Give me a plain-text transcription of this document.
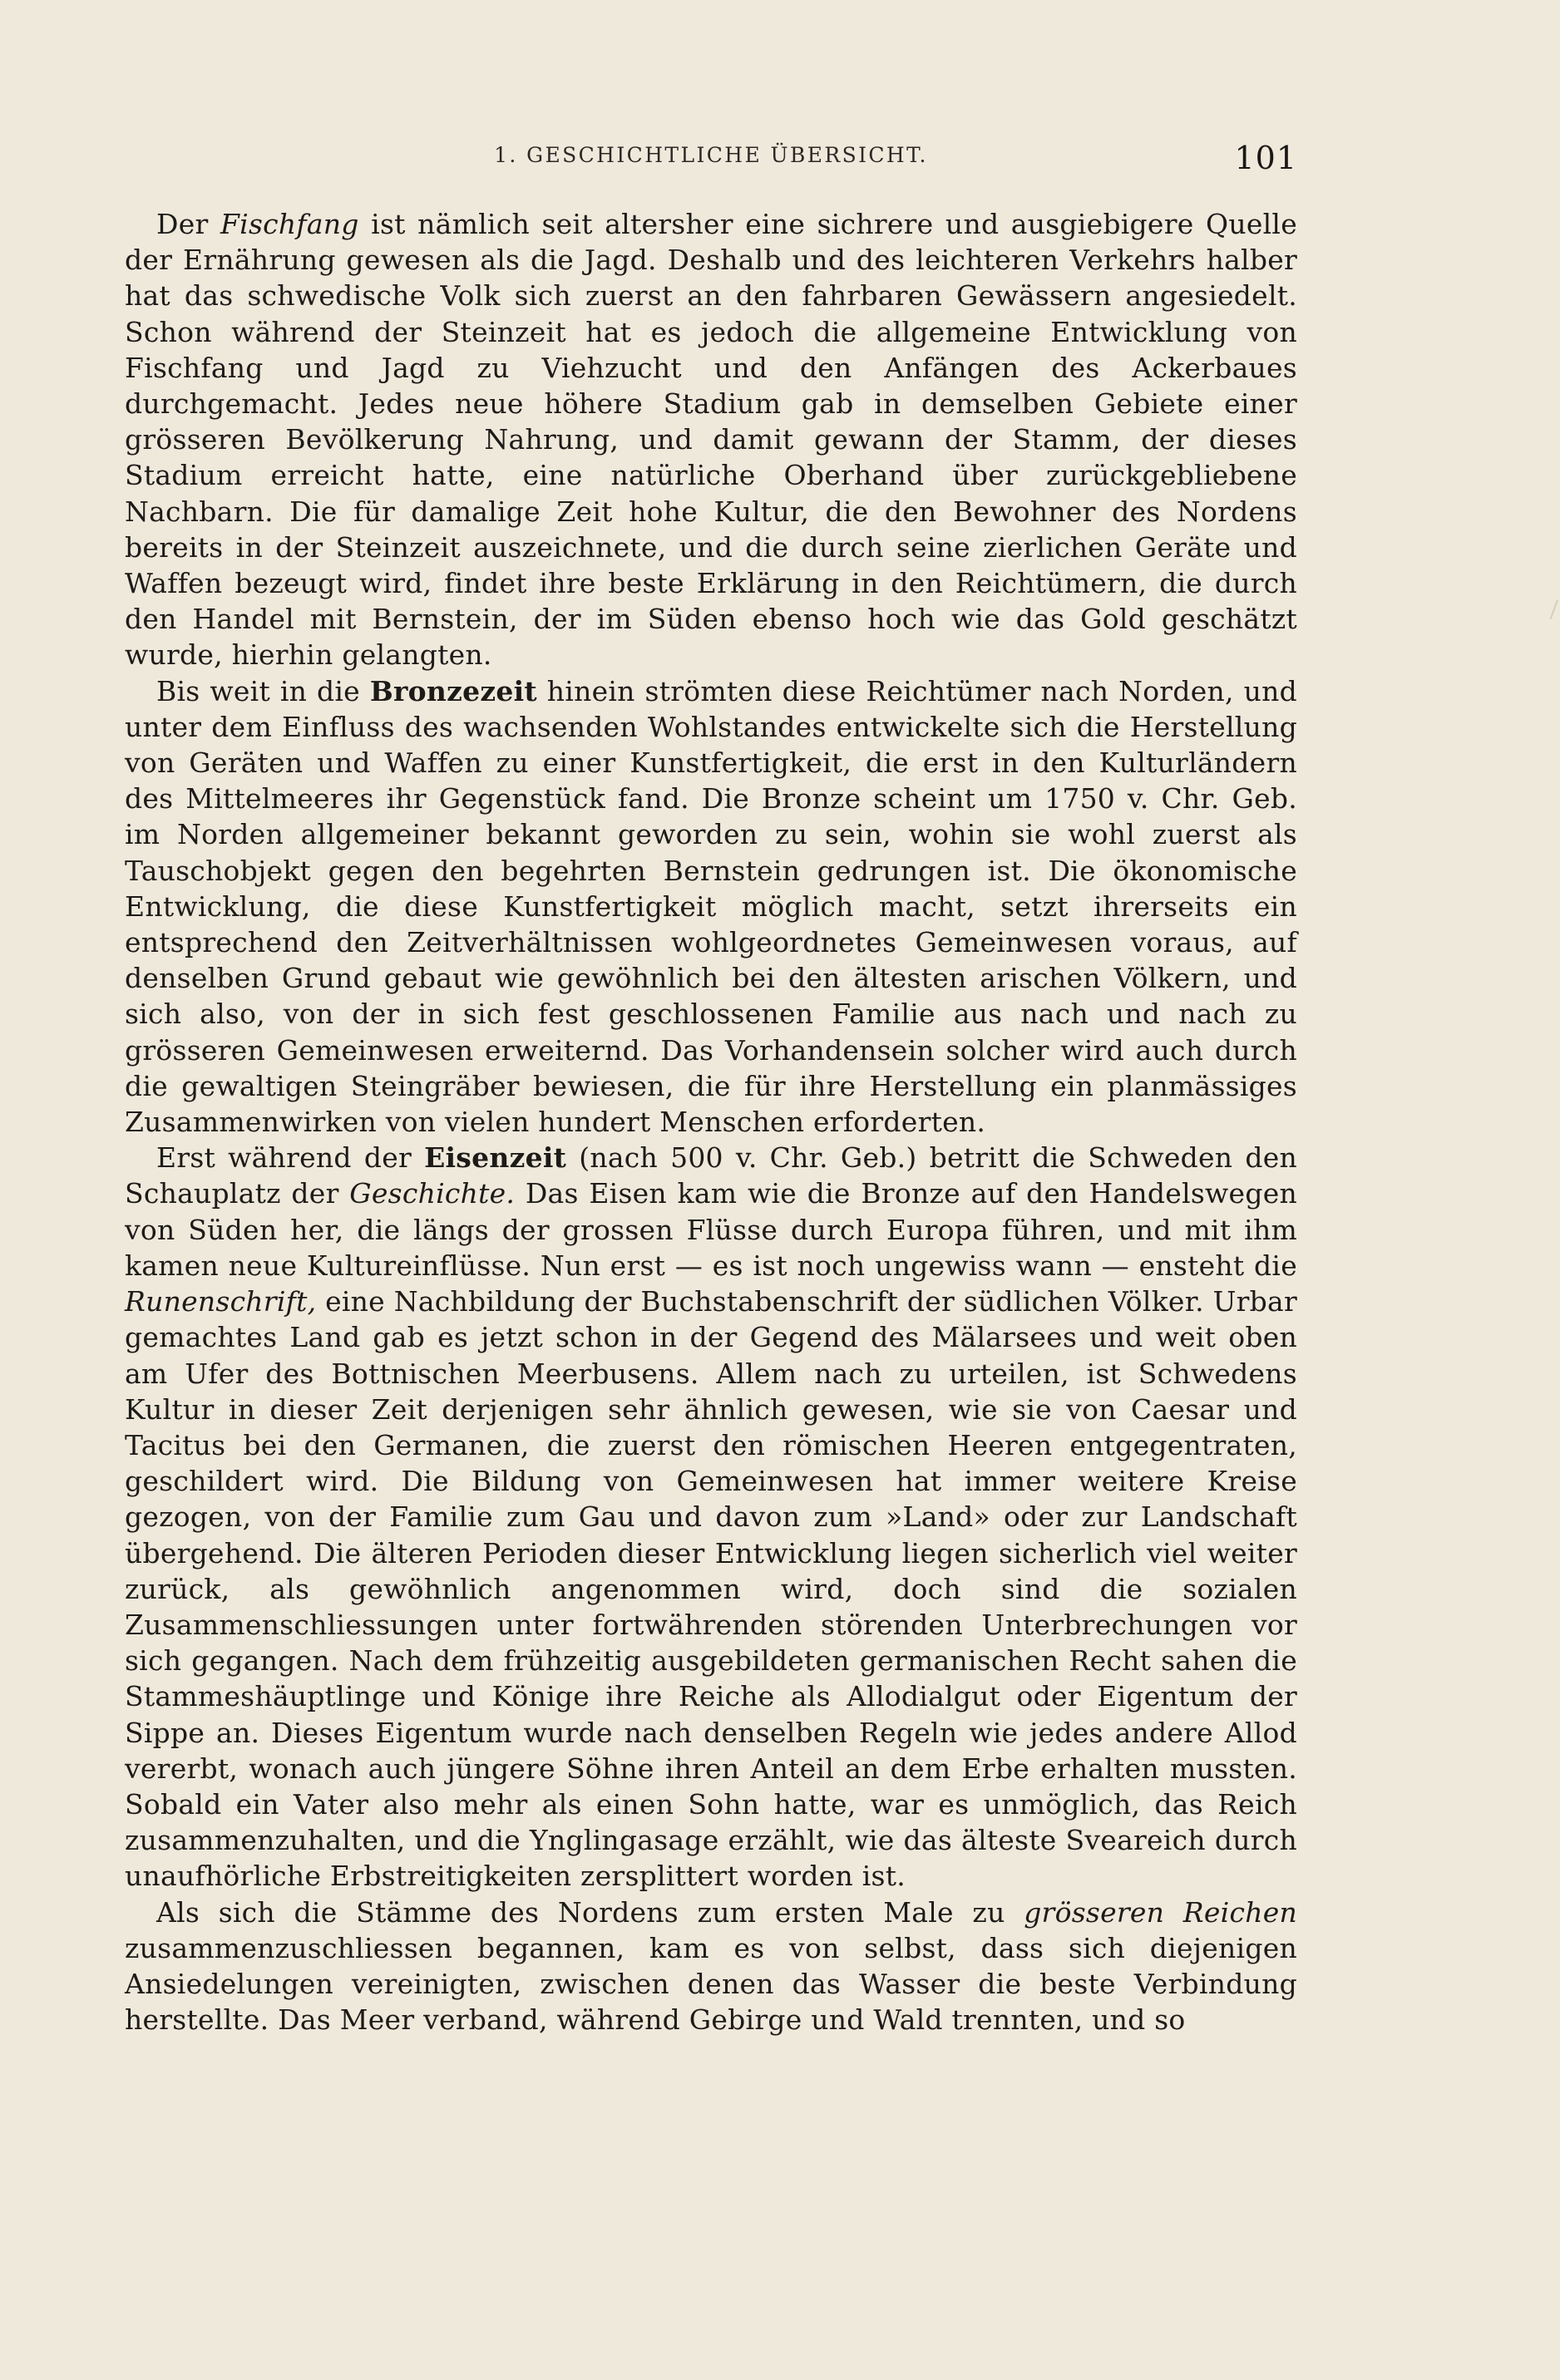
1. GESCHICHTLICHE ÜBERSICHT.	101

Der Fischfang ist nämlich seit altersher eine sichrere und ausgiebigere Quelle der Ernährung gewesen als die Jagd. Deshalb und des leichteren Verkehrs halber hat das schwedische Volk sich zuerst an den fahrbaren Gewässern angesiedelt. Schon während der Steinzeit hat es jedoch die allgemeine Entwicklung von Fischfang und Jagd zu Viehzucht und den Anfängen des Ackerbaues durchgemacht. Jedes neue höhere Stadium gab in demselben Gebiete einer grösseren Bevölkerung Nahrung, und damit gewann der Stamm, der dieses Stadium erreicht hatte, eine natürliche Oberhand über zurückgebliebene Nachbarn. Die für damalige Zeit hohe Kultur, die den Bewohner des Nordens bereits in der Steinzeit auszeichnete, und die durch seine zierlichen Geräte und Waffen bezeugt wird, findet ihre beste Erklärung in den Reichtümern, die durch den Handel mit Bernstein, der im Süden ebenso hoch wie das Gold geschätzt wurde, hierhin gelangten.

Bis weit in die Bronzezeit hinein strömten diese Reichtümer nach Norden, und unter dem Einfluss des wachsenden Wohlstandes entwickelte sich die Herstellung von Geräten und Waffen zu einer Kunstfertigkeit, die erst in den Kulturländern des Mittelmeeres ihr Gegenstück fand. Die Bronze scheint um 1750 v. Chr. Geb. im Norden allgemeiner bekannt geworden zu sein, wohin sie wohl zuerst als Tauschobjekt gegen den begehrten Bernstein gedrungen ist. Die ökonomische Entwicklung, die diese Kunstfertigkeit möglich macht, setzt ihrerseits ein entsprechend den Zeitverhältnissen wohlgeordnetes Gemeinwesen voraus, auf denselben Grund gebaut wie gewöhnlich bei den ältesten arischen Völkern, und sich also, von der in sich fest geschlossenen Familie aus nach und nach zu grösseren Gemeinwesen erweiternd. Das Vorhandensein solcher wird auch durch die gewaltigen Steingräber bewiesen, die für ihre Herstellung ein planmässiges Zusammenwirken von vielen hundert Menschen erforderten.

Erst während der Eisenzeit (nach 500 v. Chr. Geb.) betritt die Schweden den Schauplatz der Geschichte. Das Eisen kam wie die Bronze auf den Handelswegen von Süden her, die längs der grossen Flüsse durch Europa führen, und mit ihm kamen neue Kultureinflüsse. Nun erst — es ist noch ungewiss wann — ensteht die Runenschrift, eine Nachbildung der Buchstabenschrift der südlichen Völker. Urbar gemachtes Land gab es jetzt schon in der Gegend des Mälarsees und weit oben am Ufer des Bottnischen Meerbusens. Allem nach zu urteilen, ist Schwedens Kultur in dieser Zeit derjenigen sehr ähnlich gewesen, wie sie von Caesar und Tacitus bei den Germanen, die zuerst den römischen Heeren entgegentraten, geschildert wird. Die Bildung von Gemeinwesen hat immer weitere Kreise gezogen, von der Familie zum Gau und davon zum »Land» oder zur Landschaft übergehend. Die älteren Perioden dieser Entwicklung liegen sicherlich viel weiter zurück, als gewöhnlich angenommen wird, doch sind die sozialen Zusammenschliessungen unter fortwährenden störenden Unterbrechungen vor sich gegangen. Nach dem frühzeitig ausgebildeten germanischen Recht sahen die Stammeshäuptlinge und Könige ihre Reiche als Allodialgut oder Eigentum der Sippe an. Dieses Eigentum wurde nach denselben Regeln wie jedes andere Allod vererbt, wonach auch jüngere Söhne ihren Anteil an dem Erbe erhalten mussten. Sobald ein Vater also mehr als einen Sohn hatte, war es unmöglich, das Reich zusammenzuhalten, und die Ynglingasage erzählt, wie das älteste Sveareich durch unaufhörliche Erbstreitigkeiten zersplittert worden ist.

Als sich die Stämme des Nordens zum ersten Male zu grösseren Reichen zusammenzuschliessen begannen, kam es von selbst, dass sich diejenigen Ansiedelungen vereinigten, zwischen denen das Wasser die beste Verbindung herstellte. Das Meer verband, während Gebirge und Wald trennten, und so
